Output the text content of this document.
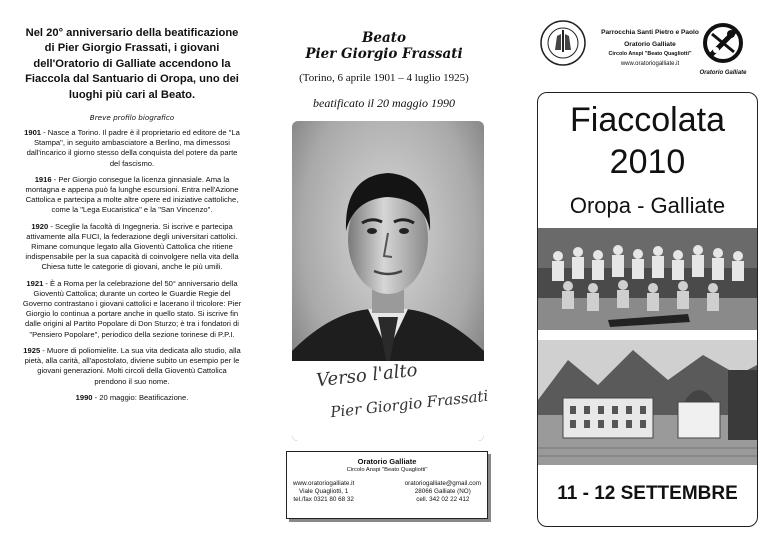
Nel 20° anniversario della beatificazione di Pier Giorgio Frassati, i giovani dell'Oratorio di Galliate accendono la Fiaccola dal Santuario di Oropa, uno dei luoghi più cari al Beato.

Breve profilo biografico

1901 - Nasce a Torino. Il padre è il proprietario ed editore de "La Stampa", in seguito ambasciatore a Berlino, ma dimessosi dall'incarico il giorno stesso della conquista del potere da parte del fascismo.

1916 - Per Giorgio consegue la licenza ginnasiale. Ama la montagna e appena può fa lunghe escursioni. Entra nell'Azione Cattolica e partecipa a molte altre opere ed iniziative cattoliche, come la "Lega Eucaristica" e la "San Vincenzo".

1920 - Sceglie la facoltà di Ingegneria. Si iscrive e partecipa attivamente alla FUCI, la federazione degli universitari cattolici. Rimane comunque legato alla Gioventù Cattolica che ritiene indispensabile per la sua capacità di coinvolgere nella vita della Chiesa tutte le categorie di giovani, anche le più umili.

1921 - È a Roma per la celebrazione del 50° anniversario della Gioventù Cattolica; durante un corteo le Guardie Regie del Governo contrastano i giovani cattolici e lacerano il tricolore: Pier Giorgio lo continua a portare anche in quello stato. Si iscrive fin dalle origini al Partito Popolare di Don Sturzo; è tra i fondatori di "Pensiero Popolare", periodico della sezione torinese di P.P.I.

1925 - Muore di poliomielite. La sua vita dedicata allo studio, alla pietà, alla carità, all'apostolato, diviene subito un esempio per le giovani generazioni. Molti circoli della Gioventù Cattolica prendono il suo nome.

1990 - 20 maggio: Beatificazione.

Beato
Pier Giorgio Frassati
(Torino, 6 aprile 1901 – 4 luglio 1925)
beatificato il 20 maggio 1990
Verso l'alto
Pier Giorgio Frassati
Oratorio Galliate
Circolo Anspi "Beato Quagliotti"
www.oratoriogalliate.it
Viale Quagliotti, 1
tel./fax 0321 80 68 32
oratoriogalliate@gmail.com
28066 Galliate (NO)
cell. 342 02 22 412
Parrocchia Santi Pietro e Paolo
Oratorio Galliate
Circolo Anspi "Beato Quagliotti"
www.oratoriogalliate.it
Oratorio Galliate
Fiaccolata
2010
Oropa - Galliate
11 - 12 SETTEMBRE
